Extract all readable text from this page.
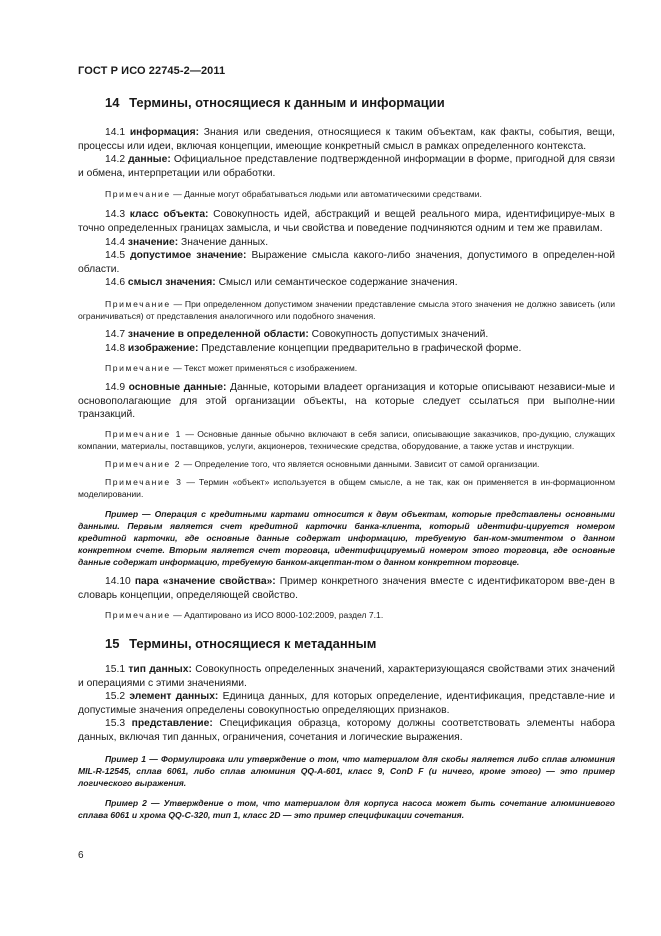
ГОСТ Р ИСО 22745-2—2011
14 Термины, относящиеся к данным и информации

14.1 информация: Знания или сведения, относящиеся к таким объектам, как факты, события, вещи, процессы или идеи, включая концепции, имеющие конкретный смысл в рамках определенного контекста.

14.2 данные: Официальное представление подтвержденной информации в форме, пригодной для связи и обмена, интерпретации или обработки.

Примечание — Данные могут обрабатываться людьми или автоматическими средствами.

14.3 класс объекта: Совокупность идей, абстракций и вещей реального мира, идентифицируе-мых в точно определенных границах замысла, и чьи свойства и поведение подчиняются одним и тем же правилам.

14.4 значение: Значение данных.

14.5 допустимое значение: Выражение смысла какого-либо значения, допустимого в определен-ной области.

14.6 смысл значения: Смысл или семантическое содержание значения.

Примечание — При определенном допустимом значении представление смысла этого значения не должно зависеть (или ограничиваться) от представления аналогичного или подобного значения.

14.7 значение в определенной области: Совокупность допустимых значений.

14.8 изображение: Представление концепции предварительно в графической форме.

Примечание — Текст может применяться с изображением.

14.9 основные данные: Данные, которыми владеет организация и которые описывают независи-мые и основополагающие для этой организации объекты, на которые следует ссылаться при выполне-нии транзакций.

Примечание 1 — Основные данные обычно включают в себя записи, описывающие заказчиков, про-дукцию, служащих компании, материалы, поставщиков, услуги, акционеров, технические средства, оборудование, а также устав и инструкции.

Примечание 2 — Определение того, что является основными данными. Зависит от самой организации.

Примечание 3 — Термин «объект» используется в общем смысле, а не так, как он применяется в ин-формационном моделировании.

Пример — Операция с кредитными картами относится к двум объектам, которые представлены основными данными. Первым является счет кредитной карточки банка-клиента, который идентифи-цируется номером кредитной карточки, где основные данные содержат информацию, требуемую бан-ком-эмитентом о данном конкретном счете. Вторым является счет торговца, идентифицируемый номером этого торговца, где основные данные содержат информацию, требуемую банком-акцептан-том о данном конкретном торговце.

14.10 пара «значение свойства»: Пример конкретного значения вместе с идентификатором вве-ден в словарь концепции, определяющей свойство.

Примечание — Адаптировано из ИСО 8000-102:2009, раздел 7.1.

15 Термины, относящиеся к метаданным

15.1 тип данных: Совокупность определенных значений, характеризующаяся свойствами этих значений и операциями с этими значениями.

15.2 элемент данных: Единица данных, для которых определение, идентификация, представле-ние и допустимые значения определены совокупностью определяющих признаков.

15.3 представление: Спецификация образца, которому должны соответствовать элементы набора данных, включая тип данных, ограничения, сочетания и логические выражения.

Пример 1 — Формулировка или утверждение о том, что материалом для скобы является либо сплав алюминия MIL-R-12545, сплав 6061, либо сплав алюминия QQ-A-601, класс 9, ConD F (и ничего, кроме этого) — это пример логического выражения.

Пример 2 — Утверждение о том, что материалом для корпуса насоса может быть сочетание алюминиевого сплава 6061 и хрома QQ-C-320, тип 1, класс 2D — это пример спецификации сочетания.

6
